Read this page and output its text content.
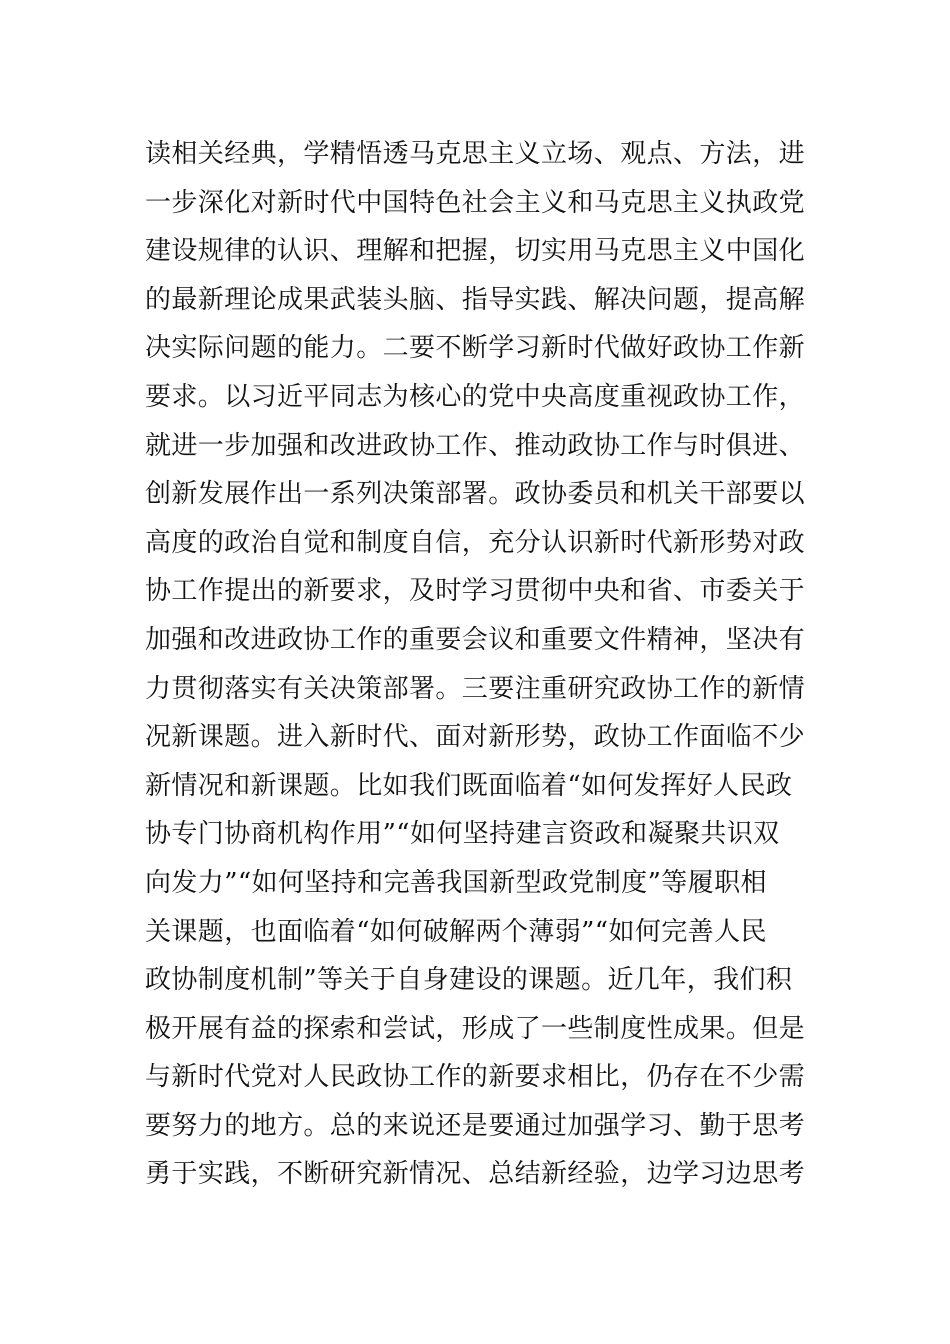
读相关经典，学精悟透马克思主义立场、观点、方法，进
一步深化对新时代中国特色社会主义和马克思主义执政党
建设规律的认识、理解和把握，切实用马克思主义中国化
的最新理论成果武装头脑、指导实践、解决问题，提高解
决实际问题的能力。二要不断学习新时代做好政协工作新
要求。以习近平同志为核心的党中央高度重视政协工作，
就进一步加强和改进政协工作、推动政协工作与时俱进、
创新发展作出一系列决策部署。政协委员和机关干部要以
高度的政治自觉和制度自信，充分认识新时代新形势对政
协工作提出的新要求，及时学习贯彻中央和省、市委关于
加强和改进政协工作的重要会议和重要文件精神，坚决有
力贯彻落实有关决策部署。三要注重研究政协工作的新情
况新课题。进入新时代、面对新形势，政协工作面临不少
新情况和新课题。比如我们既面临着“如何发挥好人民政
协专门协商机构作用”“如何坚持建言资政和凝聚共识双
向发力”“如何坚持和完善我国新型政党制度”等履职相
关课题，也面临着“如何破解两个薄弱”“如何完善人民
政协制度机制”等关于自身建设的课题。近几年，我们积
极开展有益的探索和尝试，形成了一些制度性成果。但是
与新时代党对人民政协工作的新要求相比，仍存在不少需
要努力的地方。总的来说还是要通过加强学习、勤于思考
勇于实践，不断研究新情况、总结新经验，边学习边思考
